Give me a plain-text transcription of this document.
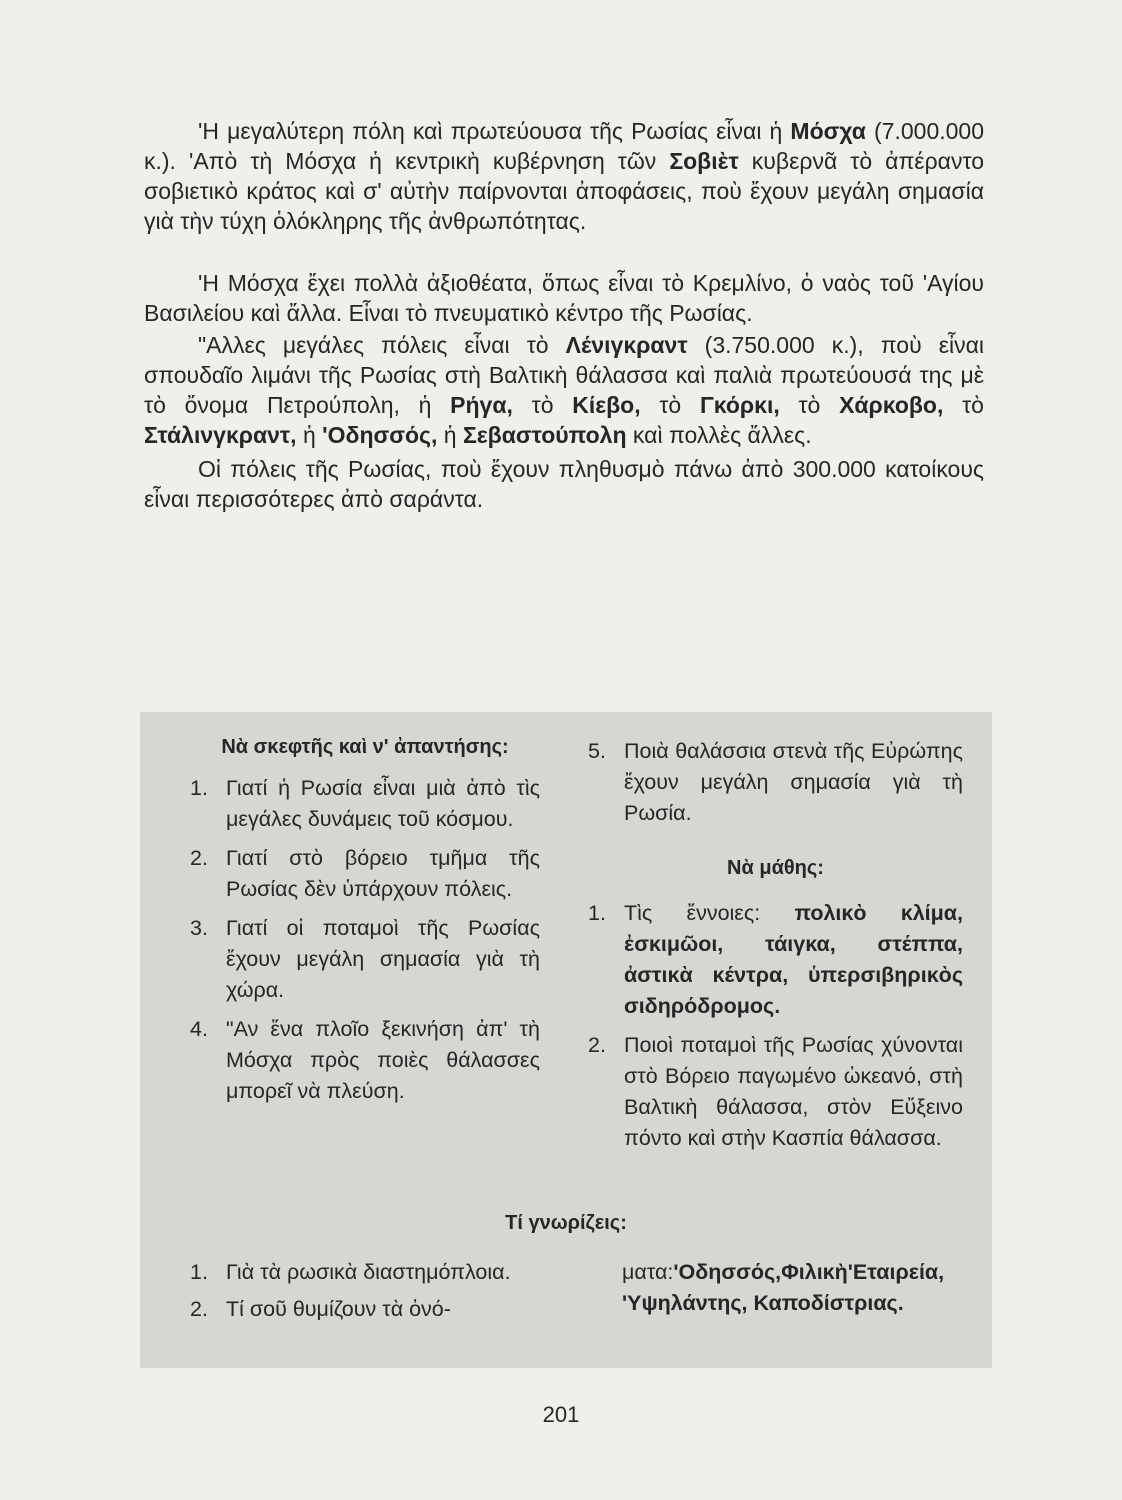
'Η μεγαλύτερη πόλη καὶ πρωτεύουσα τῆς Ρωσίας εἶναι ἡ Μόσχα (7.000.000 κ.). 'Απὸ τὴ Μόσχα ἡ κεντρικὴ κυβέρνηση τῶν Σοβιὲτ κυβερνᾶ τὸ ἀπέραντο σοβιετικὸ κράτος καὶ σ' αὐτὴν παίρνονται ἀποφάσεις, ποὺ ἔχουν μεγάλη σημασία γιὰ τὴν τύχη ὁλόκληρης τῆς ἀνθρωπότητας.

'Η Μόσχα ἔχει πολλὰ ἀξιοθέατα, ὅπως εἶναι τὸ Κρεμλίνο, ὁ ναὸς τοῦ 'Αγίου Βασιλείου καὶ ἄλλα. Εἶναι τὸ πνευματικὸ κέντρο τῆς Ρωσίας.

"Αλλες μεγάλες πόλεις εἶναι τὸ Λένιγκραντ (3.750.000 κ.), ποὺ εἶναι σπουδαῖο λιμάνι τῆς Ρωσίας στὴ Βαλτικὴ θάλασσα καὶ παλιὰ πρωτεύουσά της μὲ τὸ ὄνομα Πετρούπολη, ἡ Ρήγα, τὸ Κίεβο, τὸ Γκόρκι, τὸ Χάρκοβο, τὸ Στάλινγκραντ, ἡ 'Οδησσός, ἡ Σεβαστούπολη καὶ πολλὲς ἄλλες.

Οἱ πόλεις τῆς Ρωσίας, ποὺ ἔχουν πληθυσμὸ πάνω ἀπὸ 300.000 κατοίκους εἶναι περισσότερες ἀπὸ σαράντα.

Νὰ σκεφτῆς καὶ ν' ἀπαντήσης:
1. Γιατί ἡ Ρωσία εἶναι μιὰ ἀπὸ τὶς μεγάλες δυνάμεις τοῦ κόσμου.
2. Γιατί στὸ βόρειο τμῆμα τῆς Ρωσίας δὲν ὑπάρχουν πόλεις.
3. Γιατί οἱ ποταμοὶ τῆς Ρωσίας ἔχουν μεγάλη σημασία γιὰ τὴ χώρα.
4. "Αν ἕνα πλοῖο ξεκινήση ἀπ' τὴ Μόσχα πρὸς ποιὲς θάλασσες μπορεῖ νὰ πλεύση.
5. Ποιὰ θαλάσσια στενὰ τῆς Εὐρώπης ἔχουν μεγάλη σημασία γιὰ τὴ Ρωσία.
Νὰ μάθης:
1. Τὶς ἔννοιες: πολικὸ κλίμα, ἐσκιμῶοι, τάιγκα, στέππα, ἀστικὰ κέντρα, ὑπερσιβηρικὸς σιδηρόδρομος.
2. Ποιοὶ ποταμοὶ τῆς Ρωσίας χύνονται στὸ Βόρειο παγωμένο ὠκεανό, στὴ Βαλτικὴ θάλασσα, στὸν Εὔξεινο πόντο καὶ στὴν Κασπία θάλασσα.
Τί γνωρίζεις:
1. Γιὰ τὰ ρωσικὰ διαστημόπλοια.
2. Τί σοῦ θυμίζουν τὰ ὀνό-
ματα:'Οδησσός,Φιλικὴ'Εταιρεία, 'Υψηλάντης, Καποδίστριας.
201
